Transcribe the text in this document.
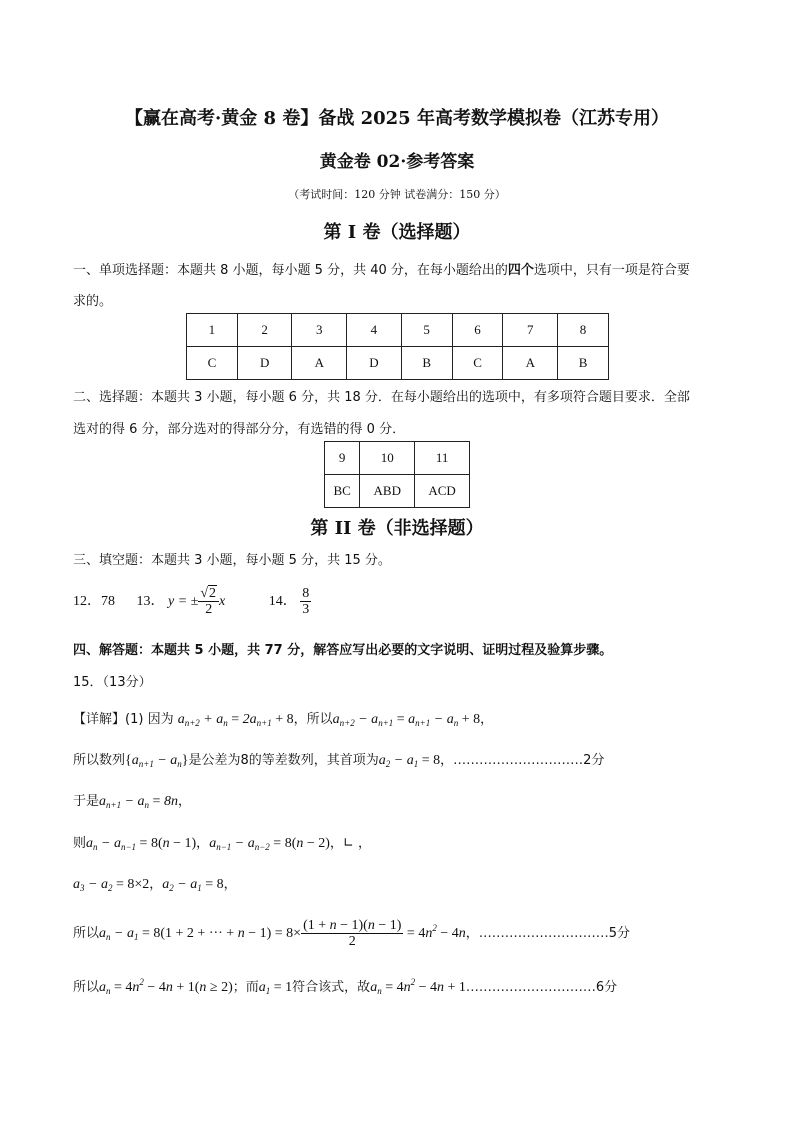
【赢在高考·黄金 8 卷】备战 2025 年高考数学模拟卷（江苏专用）
黄金卷 02·参考答案
（考试时间：120 分钟 试卷满分：150 分）
第 I 卷（选择题）
一、单项选择题：本题共 8 小题，每小题 5 分，共 40 分，在每小题给出的四个选项中，只有一项是符合要
求的。
1	2	3	4	5	6	7	8
C	D	A	D	B	C	A	B
二、选择题：本题共 3 小题，每小题 6 分，共 18 分．在每小题给出的选项中，有多项符合题目要求．全部
选对的得 6 分，部分选对的得部分分，有选错的得 0 分．
9	10	11
BC	ABD	ACD
第 II 卷（非选择题）
三、填空题：本题共 3 小题，每小题 5 分，共 15 分。
12．78 13． y = ± $\frac{√2}{2}$ x	14． $\frac{8}{3}$
四、解答题：本题共 5 小题，共 77 分，解答应写出必要的文字说明、证明过程及验算步骤。
15．（13分）
【详解】(1) 因为 $a_{n+2} + a_n = 2a_{n+1} + 8$，所以$a_{n+2} - a_{n+1} = a_{n+1} - a_n + 8$，
所以数列$\{a_{n+1} - a_n\}$是公差为8的等差数列，其首项为$a_2 - a_1 = 8$，…………………………2分
于是$a_{n+1} - a_n = 8n$，
则$a_n - a_{n-1} = 8(n - 1)$，$a_{n-1} - a_{n-2} = 8(n - 2)$，∟ ，
$a_3 - a_2 = 8\times 2$，$a_2 - a_1 = 8$，
所以$a_n - a_1 = 8(1 + 2$ + ··· + $n - 1) = 8\times \frac{(1 + n - 1)(n - 1)}{2} = 4n^2 - 4n$，…………………………5分
所以$a_n = 4n^2 - 4n + 1(n \ge 2)$；而$a_1 = 1$符合该式，故$a_n = 4n^2 - 4n$ + 1…………………………6分
